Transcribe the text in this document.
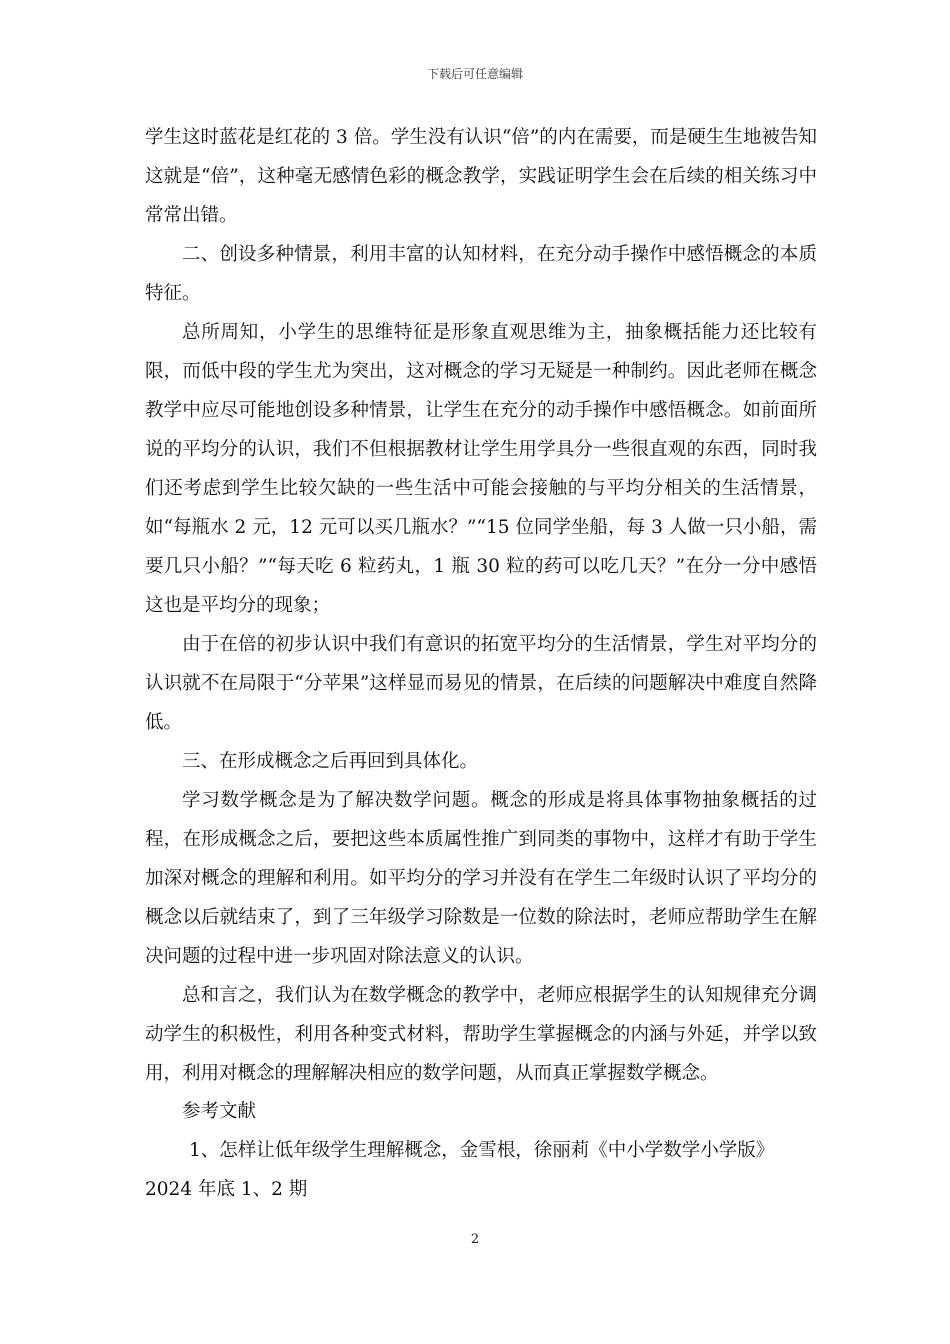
下载后可任意编辑

学生这时蓝花是红花的 3 倍。学生没有认识“倍”的内在需要，而是硬生生地被告知这就是“倍”，这种毫无感情色彩的概念教学，实践证明学生会在后续的相关练习中常常出错。

二、创设多种情景，利用丰富的认知材料，在充分动手操作中感悟概念的本质特征。

总所周知，小学生的思维特征是形象直观思维为主，抽象概括能力还比较有限，而低中段的学生尤为突出，这对概念的学习无疑是一种制约。因此老师在概念教学中应尽可能地创设多种情景，让学生在充分的动手操作中感悟概念。如前面所说的平均分的认识，我们不但根据教材让学生用学具分一些很直观的东西，同时我们还考虑到学生比较欠缺的一些生活中可能会接触的与平均分相关的生活情景，如“每瓶水 2 元，12 元可以买几瓶水？”“15 位同学坐船，每 3 人做一只小船，需要几只小船？”“每天吃 6 粒药丸，1 瓶 30 粒的药可以吃几天？”在分一分中感悟这也是平均分的现象；

由于在倍的初步认识中我们有意识的拓宽平均分的生活情景，学生对平均分的认识就不在局限于“分苹果”这样显而易见的情景，在后续的问题解决中难度自然降低。

三、在形成概念之后再回到具体化。

学习数学概念是为了解决数学问题。概念的形成是将具体事物抽象概括的过程，在形成概念之后，要把这些本质属性推广到同类的事物中，这样才有助于学生加深对概念的理解和利用。如平均分的学习并没有在学生二年级时认识了平均分的概念以后就结束了，到了三年级学习除数是一位数的除法时，老师应帮助学生在解决问题的过程中进一步巩固对除法意义的认识。

总和言之，我们认为在数学概念的教学中，老师应根据学生的认知规律充分调动学生的积极性，利用各种变式材料，帮助学生掌握概念的内涵与外延，并学以致用，利用对概念的理解解决相应的数学问题，从而真正掌握数学概念。

参考文献

1、怎样让低年级学生理解概念，金雪根，徐丽莉《中小学数学小学版》2024 年底 1、2 期

2
